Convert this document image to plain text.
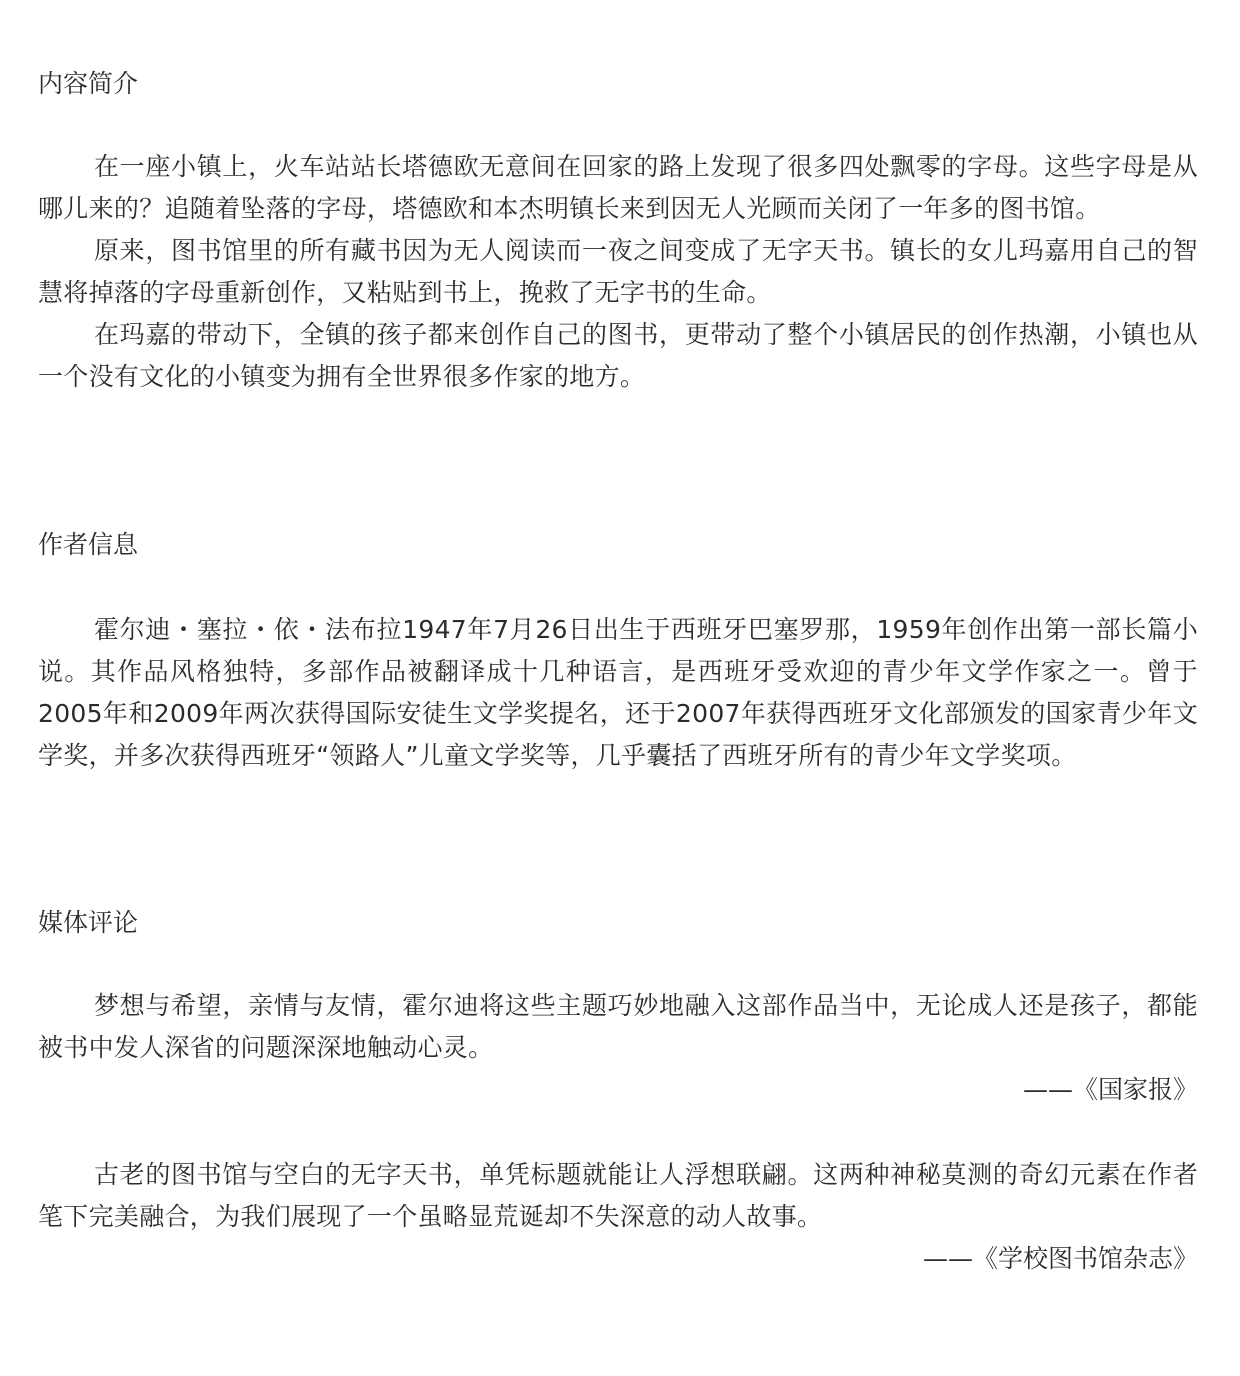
内容简介

在一座小镇上，火车站站长塔德欧无意间在回家的路上发现了很多四处飘零的字母。这些字母是从哪儿来的？追随着坠落的字母，塔德欧和本杰明镇长来到因无人光顾而关闭了一年多的图书馆。

原来，图书馆里的所有藏书因为无人阅读而一夜之间变成了无字天书。镇长的女儿玛嘉用自己的智慧将掉落的字母重新创作，又粘贴到书上，挽救了无字书的生命。

在玛嘉的带动下，全镇的孩子都来创作自己的图书，更带动了整个小镇居民的创作热潮，小镇也从一个没有文化的小镇变为拥有全世界很多作家的地方。

作者信息

霍尔迪・塞拉・依・法布拉1947年7月26日出生于西班牙巴塞罗那，1959年创作出第一部长篇小说。其作品风格独特，多部作品被翻译成十几种语言，是西班牙受欢迎的青少年文学作家之一。曾于2005年和2009年两次获得国际安徒生文学奖提名，还于2007年获得西班牙文化部颁发的国家青少年文学奖，并多次获得西班牙“领路人”儿童文学奖等，几乎囊括了西班牙所有的青少年文学奖项。

媒体评论

梦想与希望，亲情与友情，霍尔迪将这些主题巧妙地融入这部作品当中，无论成人还是孩子，都能被书中发人深省的问题深深地触动心灵。

——《国家报》

古老的图书馆与空白的无字天书，单凭标题就能让人浮想联翩。这两种神秘莫测的奇幻元素在作者笔下完美融合，为我们展现了一个虽略显荒诞却不失深意的动人故事。

——《学校图书馆杂志》
